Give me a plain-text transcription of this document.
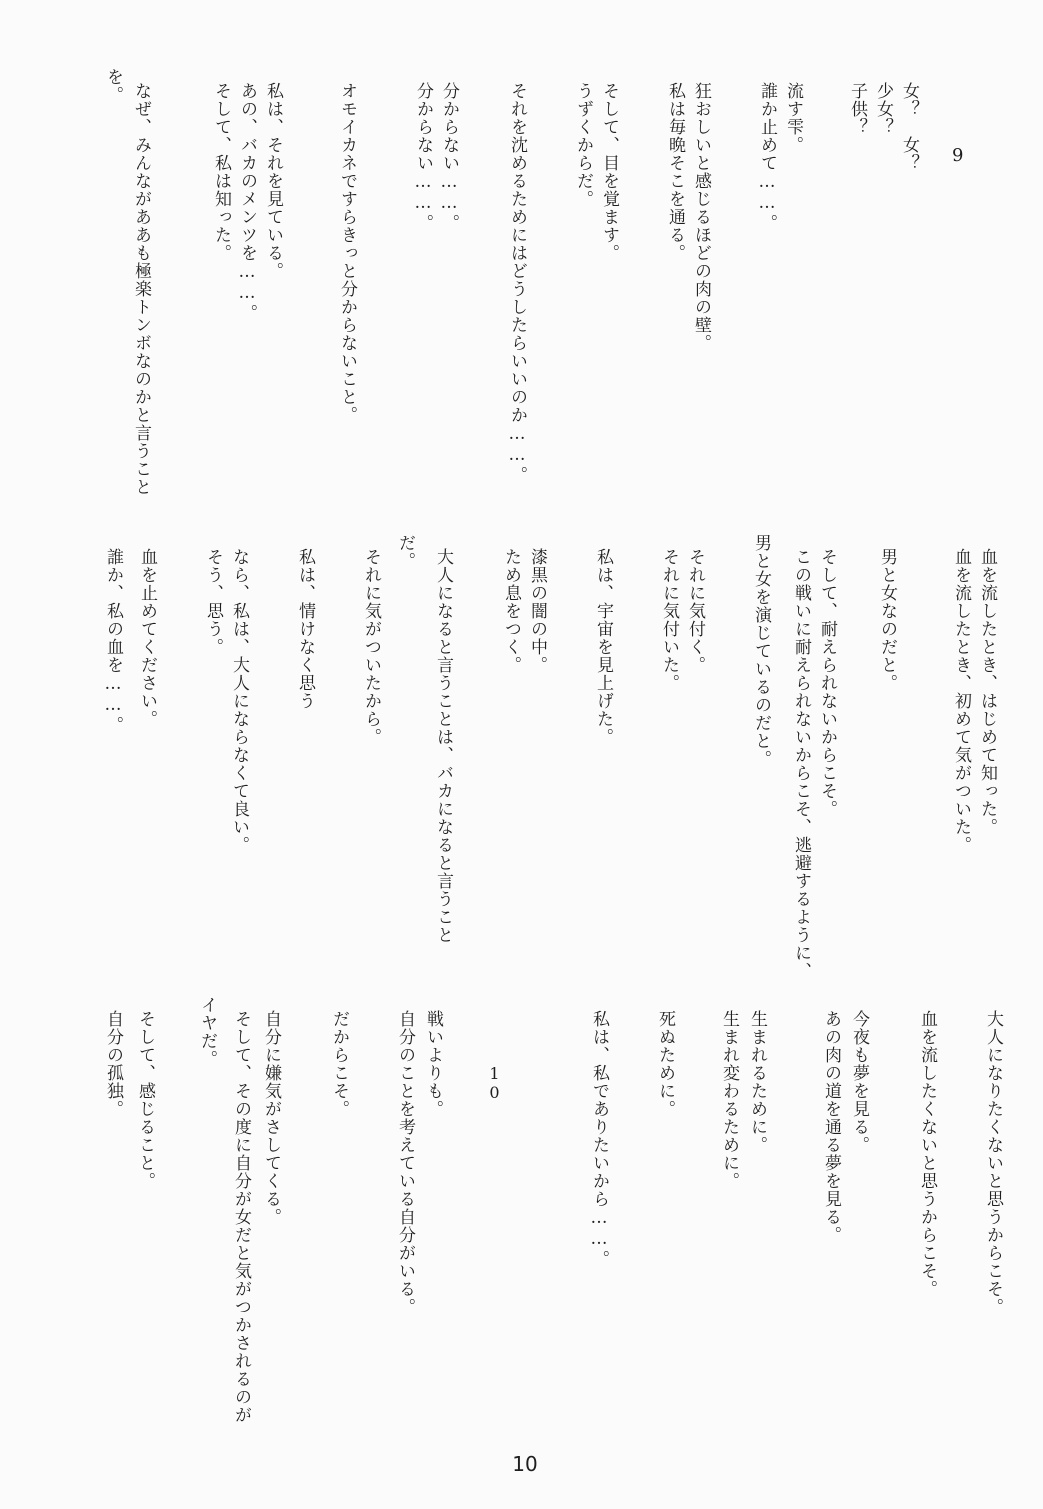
9
女？　女？
少女？
子供？
流す雫。
誰か止めて……。
狂おしいと感じるほどの肉の壁。
私は毎晩そこを通る。
そして、目を覚ます。
うずくからだ。
それを沈めるためにはどうしたらいいのか……。
分からない……。
分からない……。
オモイカネですらきっと分からないこと。
私は、それを見ている。
あの、バカのメンツを……。
そして、私は知った。
なぜ、みんながああも極楽トンボなのかと言うこと
を。
血を流したとき、はじめて知った。
血を流したとき、初めて気がついた。
男と女なのだと。
そして、耐えられないからこそ。
この戦いに耐えられないからこそ、逃避するように、
男と女を演じているのだと。
それに気付く。
それに気付いた。
私は、宇宙を見上げた。
漆黒の闇の中。
ため息をつく。
大人になると言うことは、バカになると言うこと
だ。
それに気がついたから。
私は、情けなく思う
なら、私は、大人にならなくて良い。
そう、思う。
血を止めてください。
誰か、私の血を……。
10	大人になりたくないと思うからこそ。
血を流したくないと思うからこそ。
今夜も夢を見る。
あの肉の道を通る夢を見る。
生まれるために。
生まれ変わるために。
死ぬために。
私は、私でありたいから……。
戦いよりも。
自分のことを考えている自分がいる。
だからこそ。
自分に嫌気がさしてくる。
そして、その度に自分が女だと気がつかされるのが
イヤだ。
そして、感じること。
自分の孤独。
10
